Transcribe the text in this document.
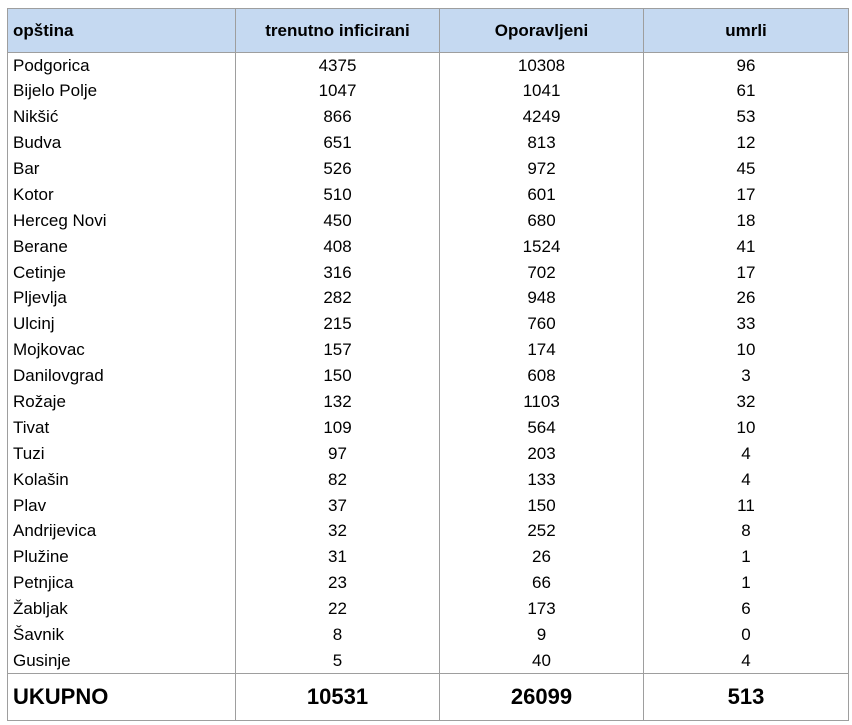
opština	trenutno inficirani	Oporavljeni	umrli
Podgorica	4375	10308	96
Bijelo Polje	1047	1041	61
Nikšić	866	4249	53
Budva	651	813	12
Bar	526	972	45
Kotor	510	601	17
Herceg Novi	450	680	18
Berane	408	1524	41
Cetinje	316	702	17
Pljevlja	282	948	26
Ulcinj	215	760	33
Mojkovac	157	174	10
Danilovgrad	150	608	3
Rožaje	132	1103	32
Tivat	109	564	10
Tuzi	97	203	4
Kolašin	82	133	4
Plav	37	150	11
Andrijevica	32	252	8
Plužine	31	26	1
Petnjica	23	66	1
Žabljak	22	173	6
Šavnik	8	9	0
Gusinje	5	40	4
UKUPNO	10531	26099	513
